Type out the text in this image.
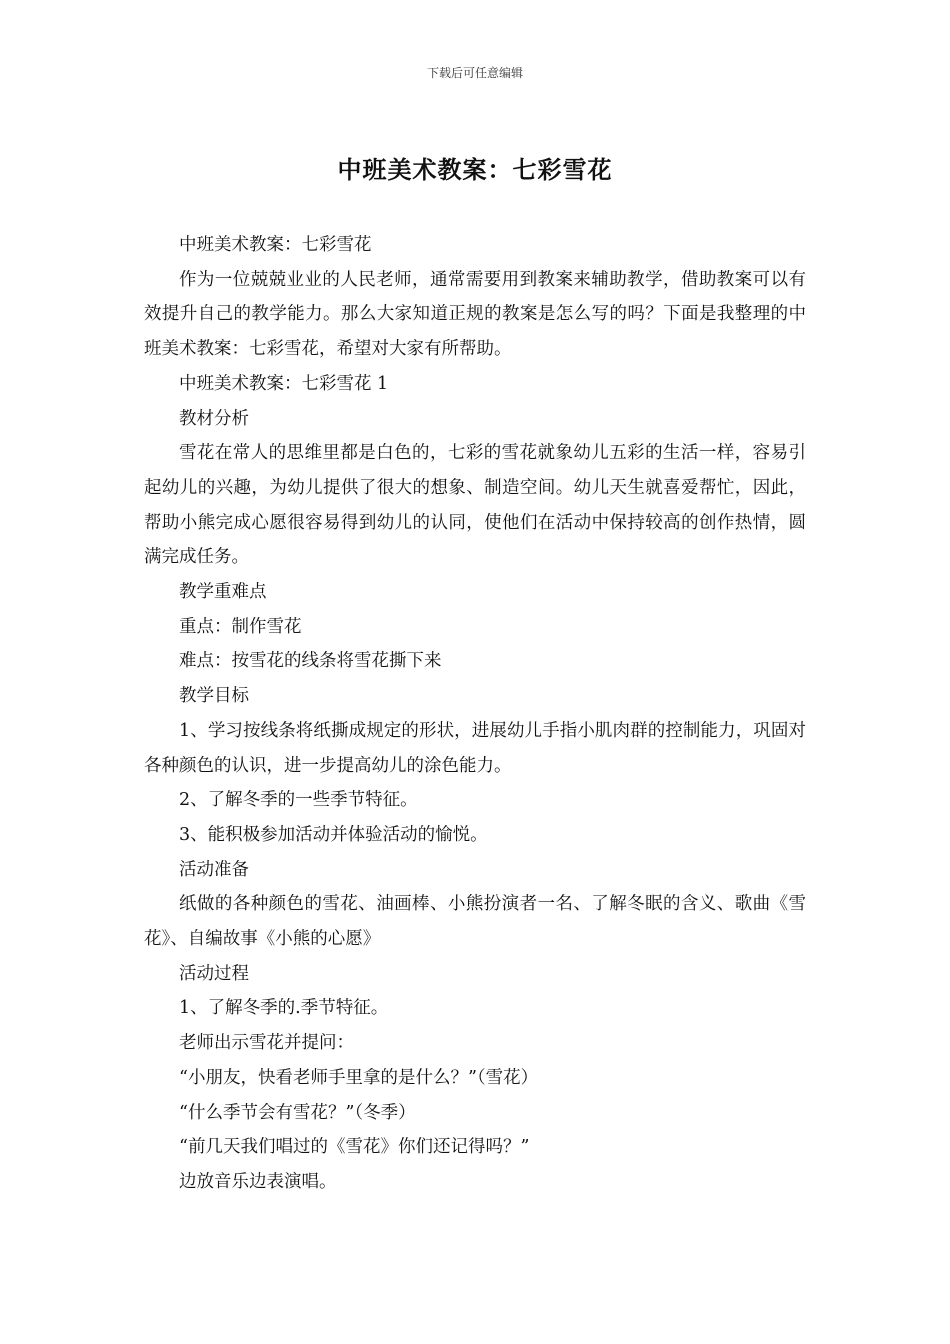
下载后可任意编辑
中班美术教案：七彩雪花

中班美术教案：七彩雪花

作为一位兢兢业业的人民老师，通常需要用到教案来辅助教学，借助教案可以有效提升自己的教学能力。那么大家知道正规的教案是怎么写的吗？下面是我整理的中班美术教案：七彩雪花，希望对大家有所帮助。

中班美术教案：七彩雪花 1

教材分析

雪花在常人的思维里都是白色的，七彩的雪花就象幼儿五彩的生活一样，容易引起幼儿的兴趣，为幼儿提供了很大的想象、制造空间。幼儿天生就喜爱帮忙，因此，帮助小熊完成心愿很容易得到幼儿的认同，使他们在活动中保持较高的创作热情，圆满完成任务。

教学重难点

重点：制作雪花

难点：按雪花的线条将雪花撕下来

教学目标

1、学习按线条将纸撕成规定的形状，进展幼儿手指小肌肉群的控制能力，巩固对各种颜色的认识，进一步提高幼儿的涂色能力。

2、了解冬季的一些季节特征。

3、能积极参加活动并体验活动的愉悦。

活动准备

纸做的各种颜色的雪花、油画棒、小熊扮演者一名、了解冬眠的含义、歌曲《雪花》、自编故事《小熊的心愿》

活动过程

1、了解冬季的.季节特征。

老师出示雪花并提问：

“小朋友，快看老师手里拿的是什么？”（雪花）

“什么季节会有雪花？”（冬季）

“前几天我们唱过的《雪花》你们还记得吗？”

边放音乐边表演唱。
